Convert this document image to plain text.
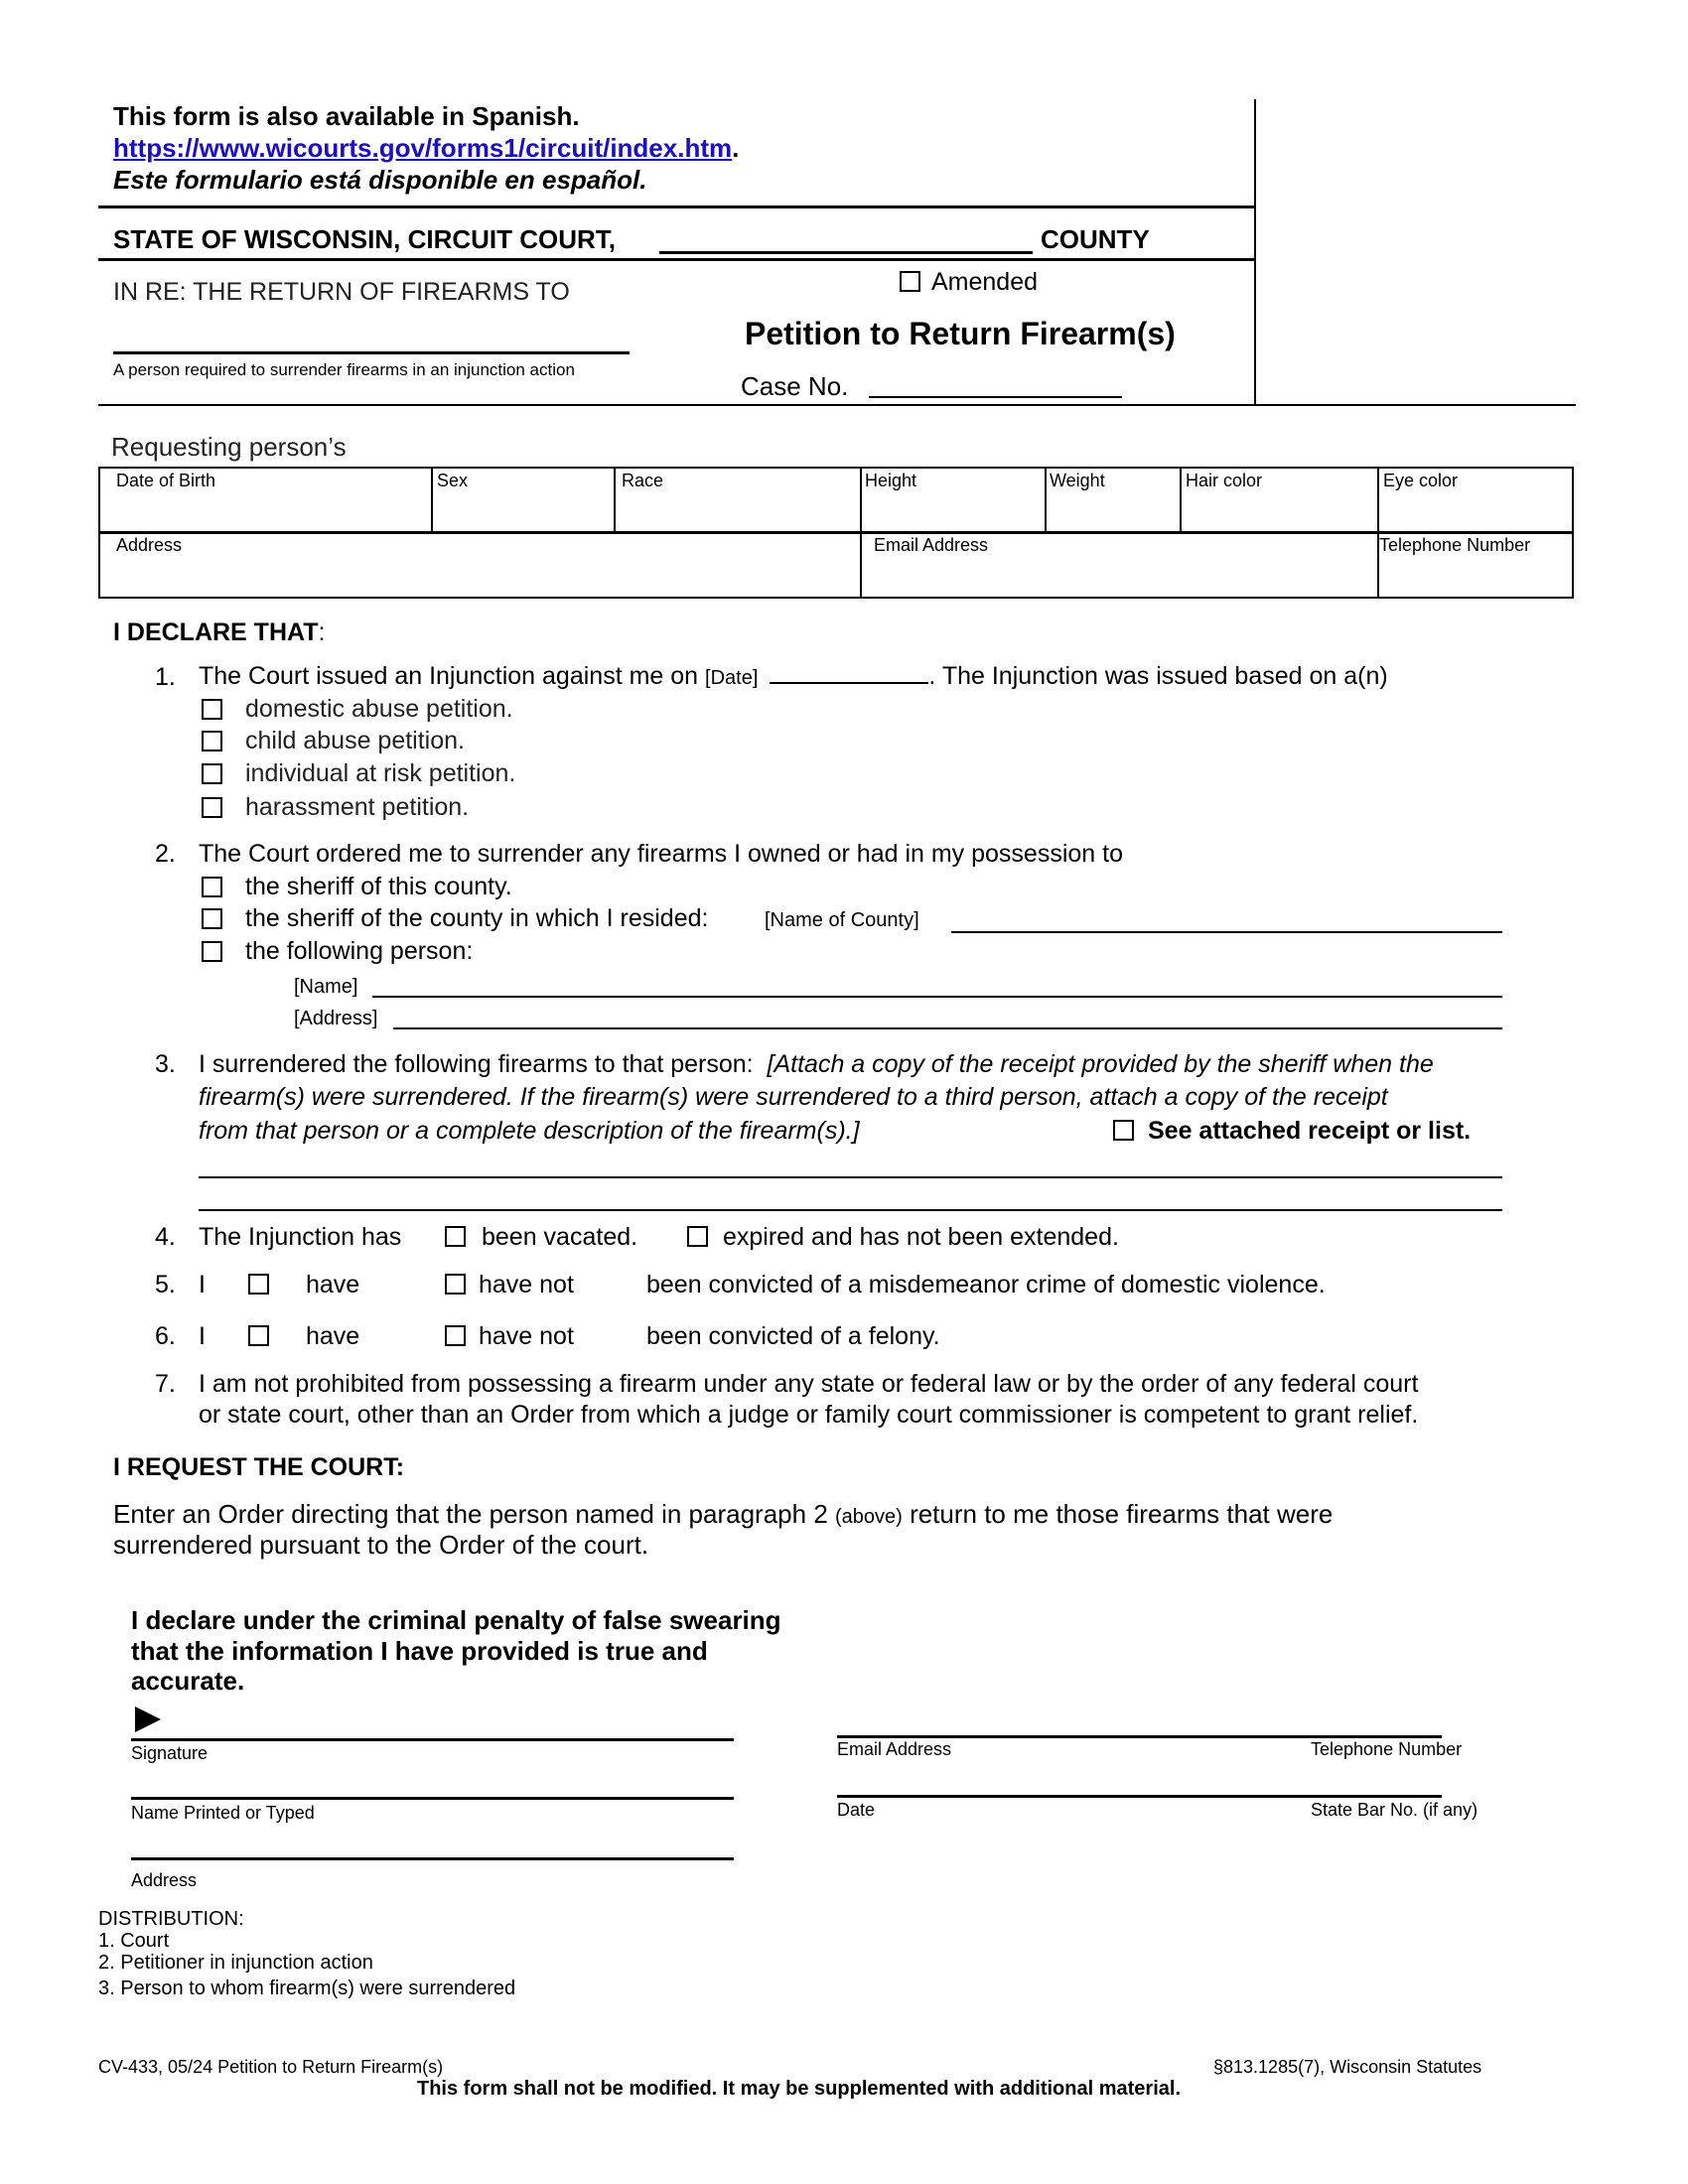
This form is also available in Spanish.
https://www.wicourts.gov/forms1/circuit/index.htm.
Este formulario está disponible en español.
STATE OF WISCONSIN, CIRCUIT COURT,	COUNTY
IN RE: THE RETURN OF FIREARMS TO
A person required to surrender firearms in an injunction action
Amended
Petition to Return Firearm(s)
Case No.
Requesting person’s
Date of Birth	Sex	Race	Height	Weight	Hair color	Eye color
Address	Email Address	Telephone Number
I DECLARE THAT:
1. The Court issued an Injunction against me on [Date]	. The Injunction was issued based on a(n)
domestic abuse petition.
child abuse petition.
individual at risk petition.
harassment petition.
2. The Court ordered me to surrender any firearms I owned or had in my possession to
the sheriff of this county.
the sheriff of the county in which I resided:	[Name of County]
the following person:
[Name]
[Address]
3. I surrendered the following firearms to that person: [Attach a copy of the receipt provided by the sheriff when the
firearm(s) were surrendered. If the firearm(s) were surrendered to a third person, attach a copy of the receipt
from that person or a complete description of the firearm(s).]	See attached receipt or list.
4. The Injunction has	been vacated.	expired and has not been extended.
5. I	have	have not	been convicted of a misdemeanor crime of domestic violence.
6. I	have	have not	been convicted of a felony.
7. I am not prohibited from possessing a firearm under any state or federal law or by the order of any federal court
or state court, other than an Order from which a judge or family court commissioner is competent to grant relief.
I REQUEST THE COURT:
Enter an Order directing that the person named in paragraph 2 (above) return to me those firearms that were
surrendered pursuant to the Order of the court.
I declare under the criminal penalty of false swearing
that the information I have provided is true and
accurate.
Signature
Name Printed or Typed
Address
Email Address	Telephone Number
Date	State Bar No. (if any)
DISTRIBUTION:
1. Court
2. Petitioner in injunction action
3. Person to whom firearm(s) were surrendered
CV-433, 05/24 Petition to Return Firearm(s)	§813.1285(7), Wisconsin Statutes
This form shall not be modified. It may be supplemented with additional material.
